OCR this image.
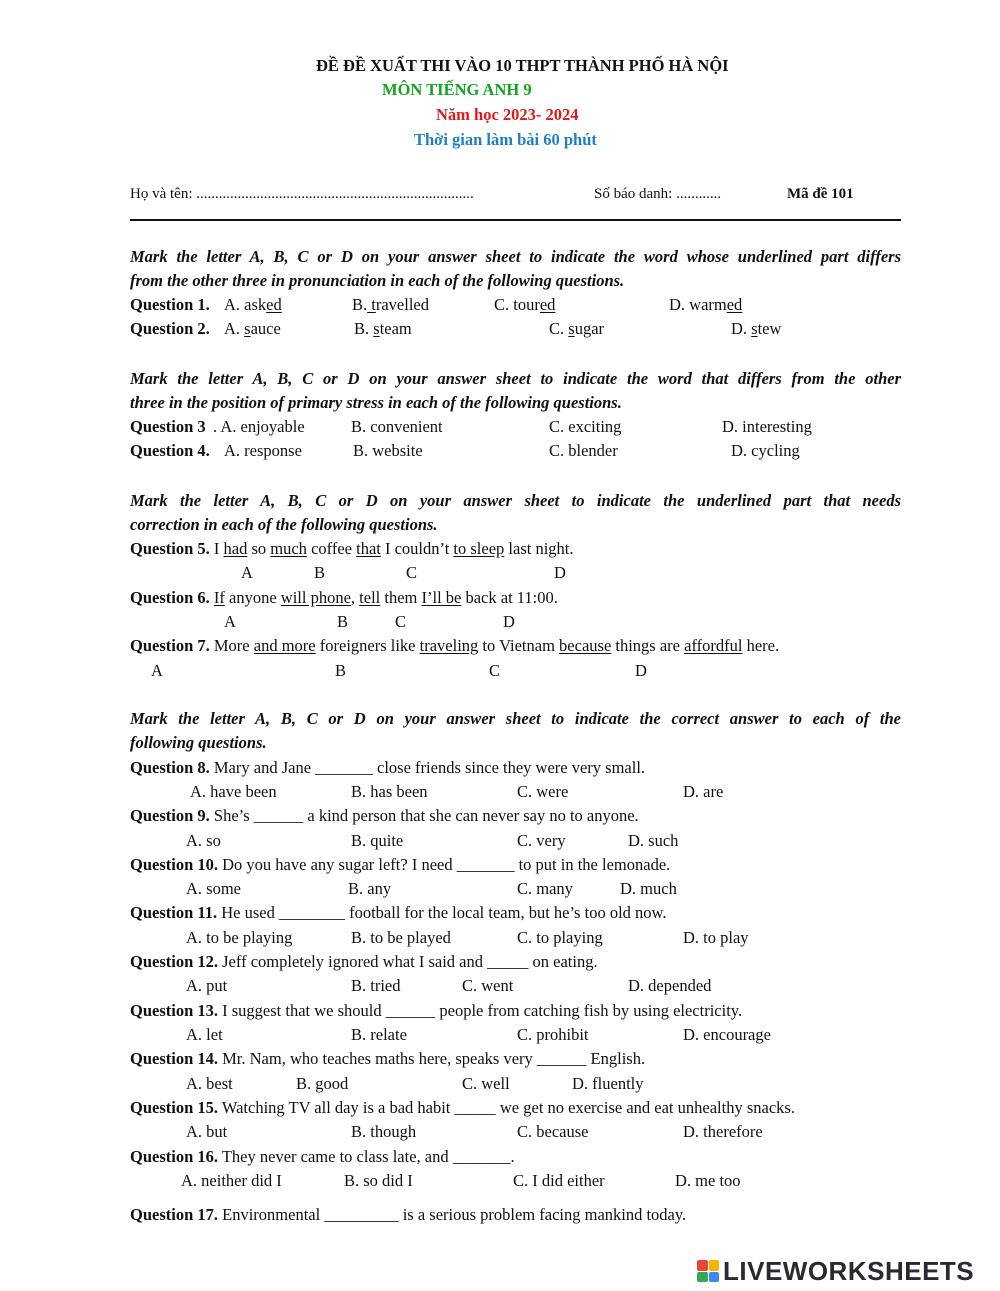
ĐỀ ĐỀ XUẤT THI VÀO 10 THPT THÀNH PHỐ HÀ NỘI
MÔN TIẾNG ANH 9
Năm học 2023- 2024
Thời gian làm bài 60 phút
Họ và tên: ..........................................................................	Số báo danh: ............	Mã đề 101
Mark the letter A, B, C or D on your answer sheet to indicate the word whose underlined part differs
from the other three in pronunciation in each of the following questions.
Question 1. A. asked	B. travelled	C. toured	D. warmed
Question 2. A. sauce	B. steam	C. sugar	D. stew
Mark the letter A, B, C or D on your answer sheet to indicate the word that differs from the other
three in the position of primary stress in each of the following questions.
Question 3 . A. enjoyable	B. convenient	C. exciting	D. interesting
Question 4. A. response	B. website	C. blender	D. cycling
Mark the letter A, B, C or D on your answer sheet to indicate the underlined part that needs
correction in each of the following questions.
Question 5. I had so much coffee that I couldn’t to sleep last night.
A	B	C	D
Question 6. If anyone will phone, tell them I’ll be back at 11:00.
A	B	C	D
Question 7. More and more foreigners like traveling to Vietnam because things are affordful here.
A	B	C	D
Mark the letter A, B, C or D on your answer sheet to indicate the correct answer to each of the
following questions.
Question 8. Mary and Jane _______ close friends since they were very small.
A. have been	B. has been	C. were	D. are
Question 9. She’s ______ a kind person that she can never say no to anyone.
A. so	B. quite	C. very	D. such
Question 10. Do you have any sugar left? I need _______ to put in the lemonade.
A. some	B. any	C. many	D. much
Question 11. He used ________ football for the local team, but he’s too old now.
A. to be playing	B. to be played	C. to playing	D. to play
Question 12. Jeff completely ignored what I said and _____ on eating.
A. put	B. tried	C. went	D. depended
Question 13. I suggest that we should ______ people from catching fish by using electricity.
A. let	B. relate	C. prohibit	D. encourage
Question 14. Mr. Nam, who teaches maths here, speaks very ______ English.
A. best	B. good	C. well	D. fluently
Question 15. Watching TV all day is a bad habit _____ we get no exercise and eat unhealthy snacks.
A. but	B. though	C. because	D. therefore
Question 16. They never came to class late, and _______.
A. neither did I	B. so did I	C. I did either	D. me too
Question 17. Environmental _________ is a serious problem facing mankind today.
LIVEWORKSHEETS
